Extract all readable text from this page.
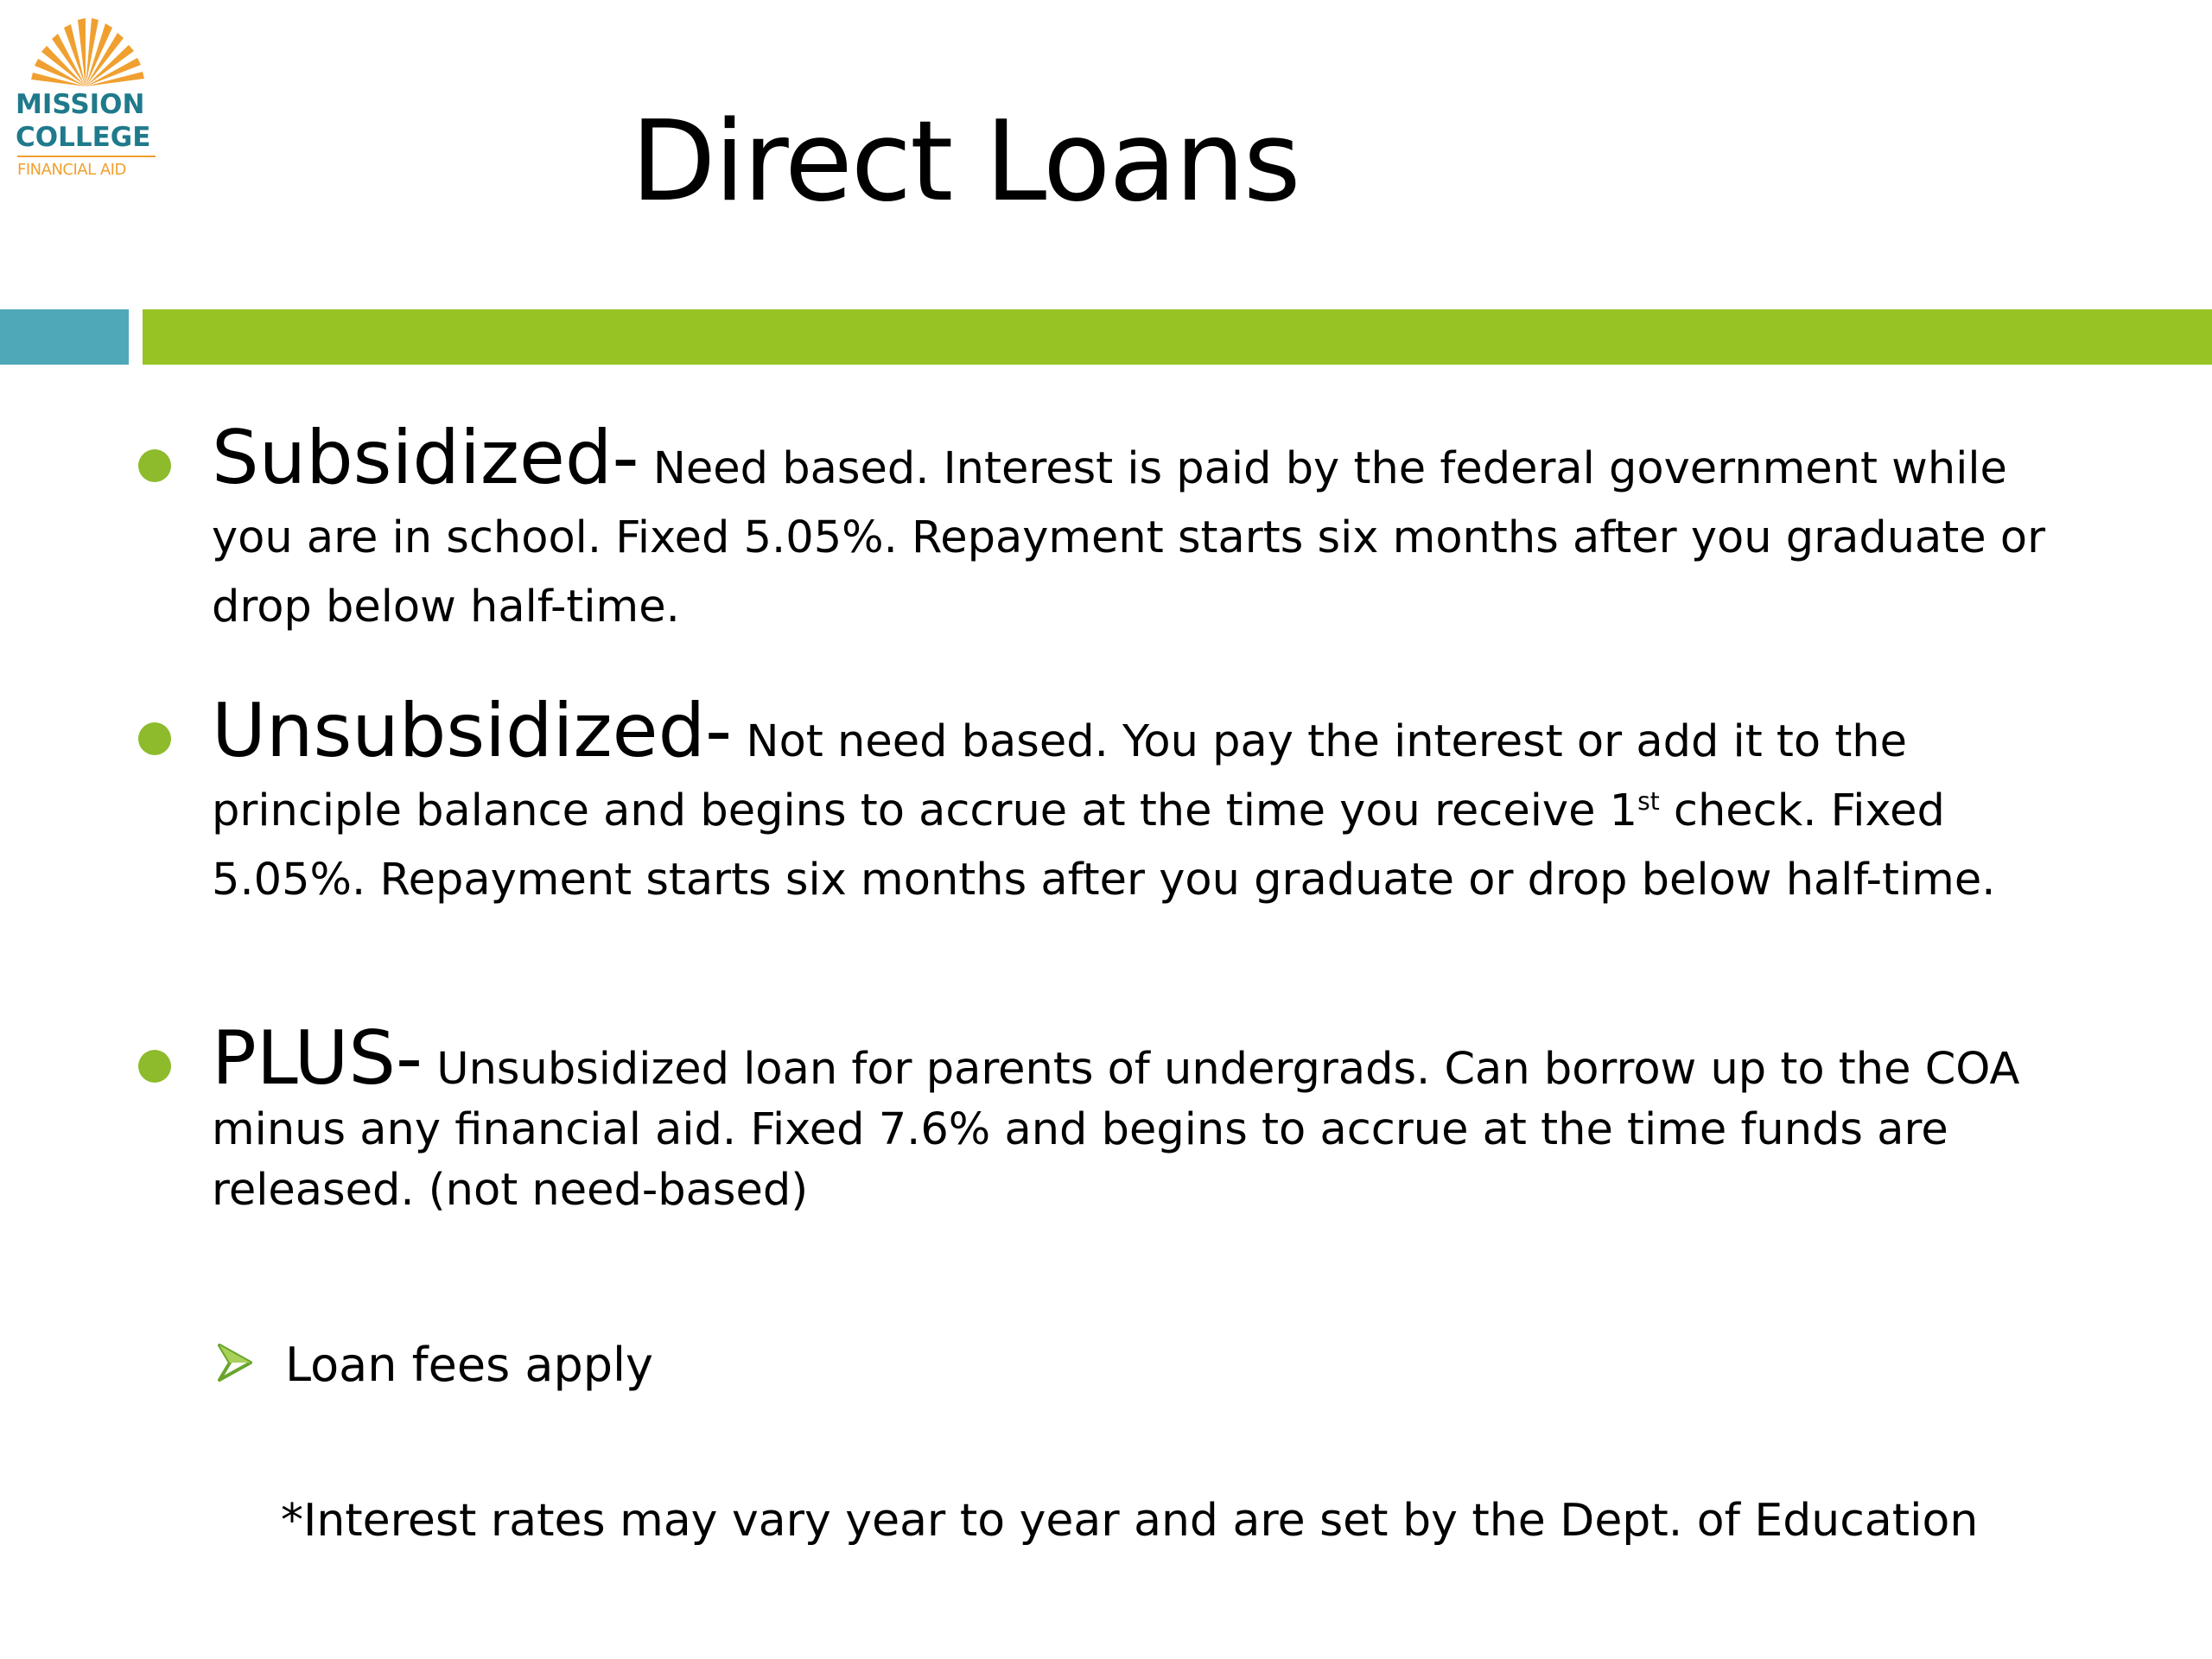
MISSION
COLLEGE
FINANCIAL AID	Direct Loans
Subsidized- Need based. Interest is paid by the federal government while you are in school. Fixed 5.05%. Repayment starts six months after you graduate or drop below half-time.
Unsubsidized- Not need based. You pay the interest or add it to the principle balance and begins to accrue at the time you receive 1st check. Fixed 5.05%. Repayment starts six months after you graduate or drop below half-time.
PLUS- Unsubsidized loan for parents of undergrads. Can borrow up to the COA minus any financial aid. Fixed 7.6% and begins to accrue at the time funds are released. (not need-based)
Loan fees apply
*Interest rates may vary year to year and are set by the Dept. of Education
